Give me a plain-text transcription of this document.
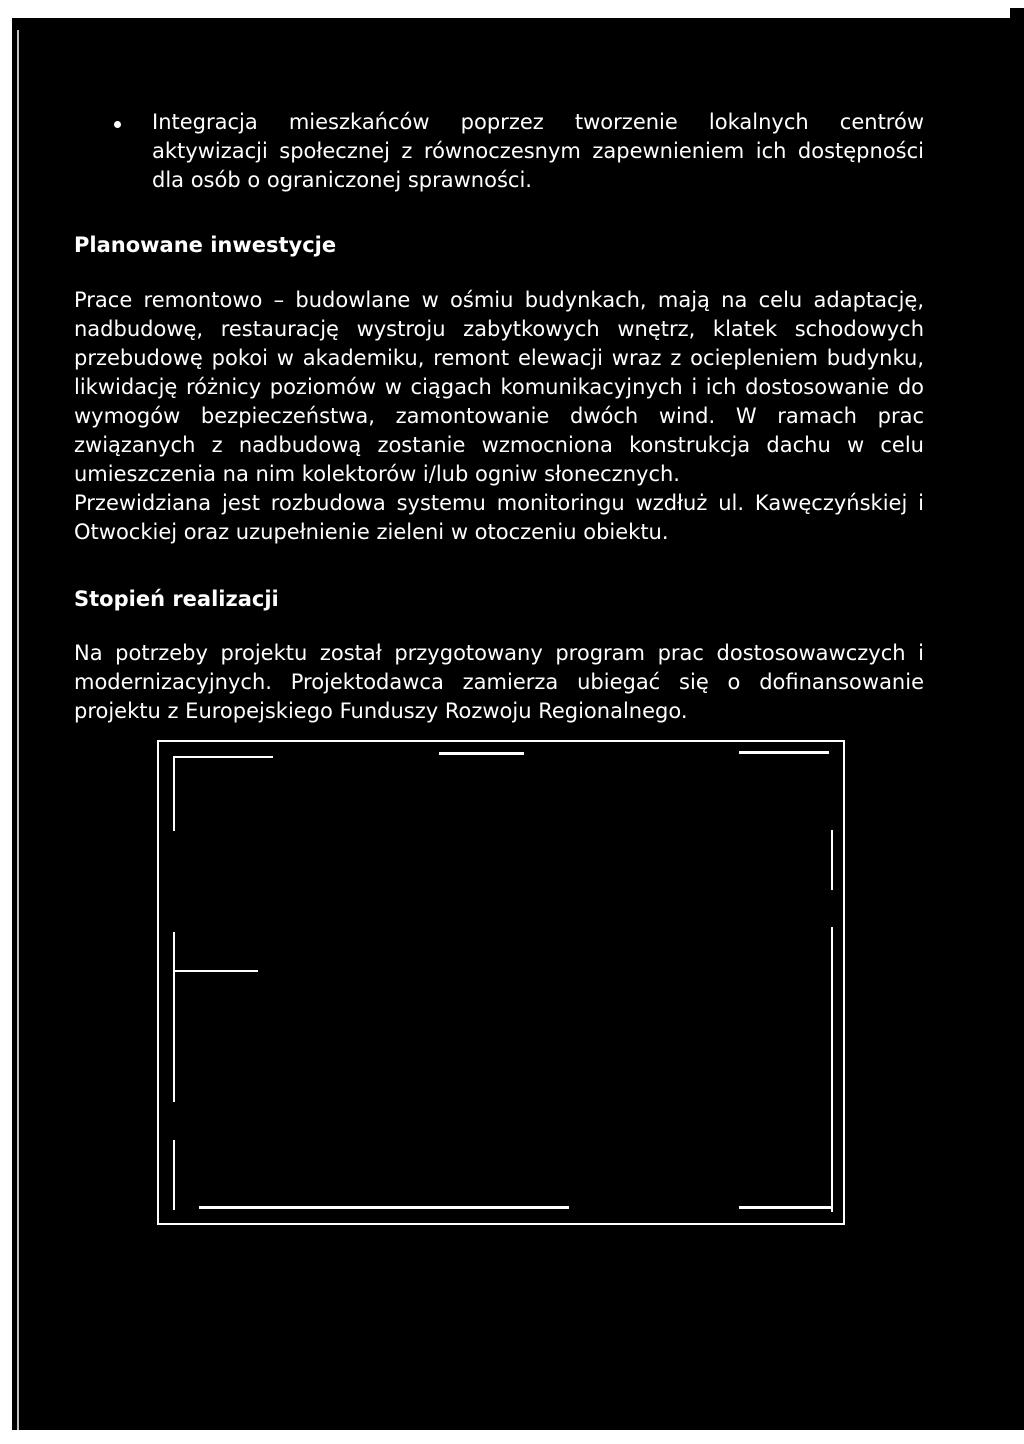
Integracja mieszkańców poprzez tworzenie lokalnych centrów aktywizacji społecznej z równoczesnym zapewnieniem ich dostępności dla osób o ograniczonej sprawności.
Planowane inwestycje
Prace remontowo – budowlane w ośmiu budynkach, mają na celu adaptację, nadbudowę, restaurację wystroju zabytkowych wnętrz, klatek schodowych przebudowę pokoi w akademiku, remont elewacji wraz z ociepleniem budynku, likwidację różnicy poziomów w ciągach komunikacyjnych i ich dostosowanie do wymogów bezpieczeństwa, zamontowanie dwóch wind. W ramach prac związanych z nadbudową zostanie wzmocniona konstrukcja dachu w celu umieszczenia na nim kolektorów i/lub ogniw słonecznych.
Przewidziana jest rozbudowa systemu monitoringu wzdłuż ul. Kawęczyńskiej i Otwockiej oraz uzupełnienie zieleni w otoczeniu obiektu.
Stopień realizacji
Na potrzeby projektu został przygotowany program prac dostosowawczych i modernizacyjnych. Projektodawca zamierza ubiegać się o dofinansowanie projektu z Europejskiego Funduszy Rozwoju Regionalnego.
